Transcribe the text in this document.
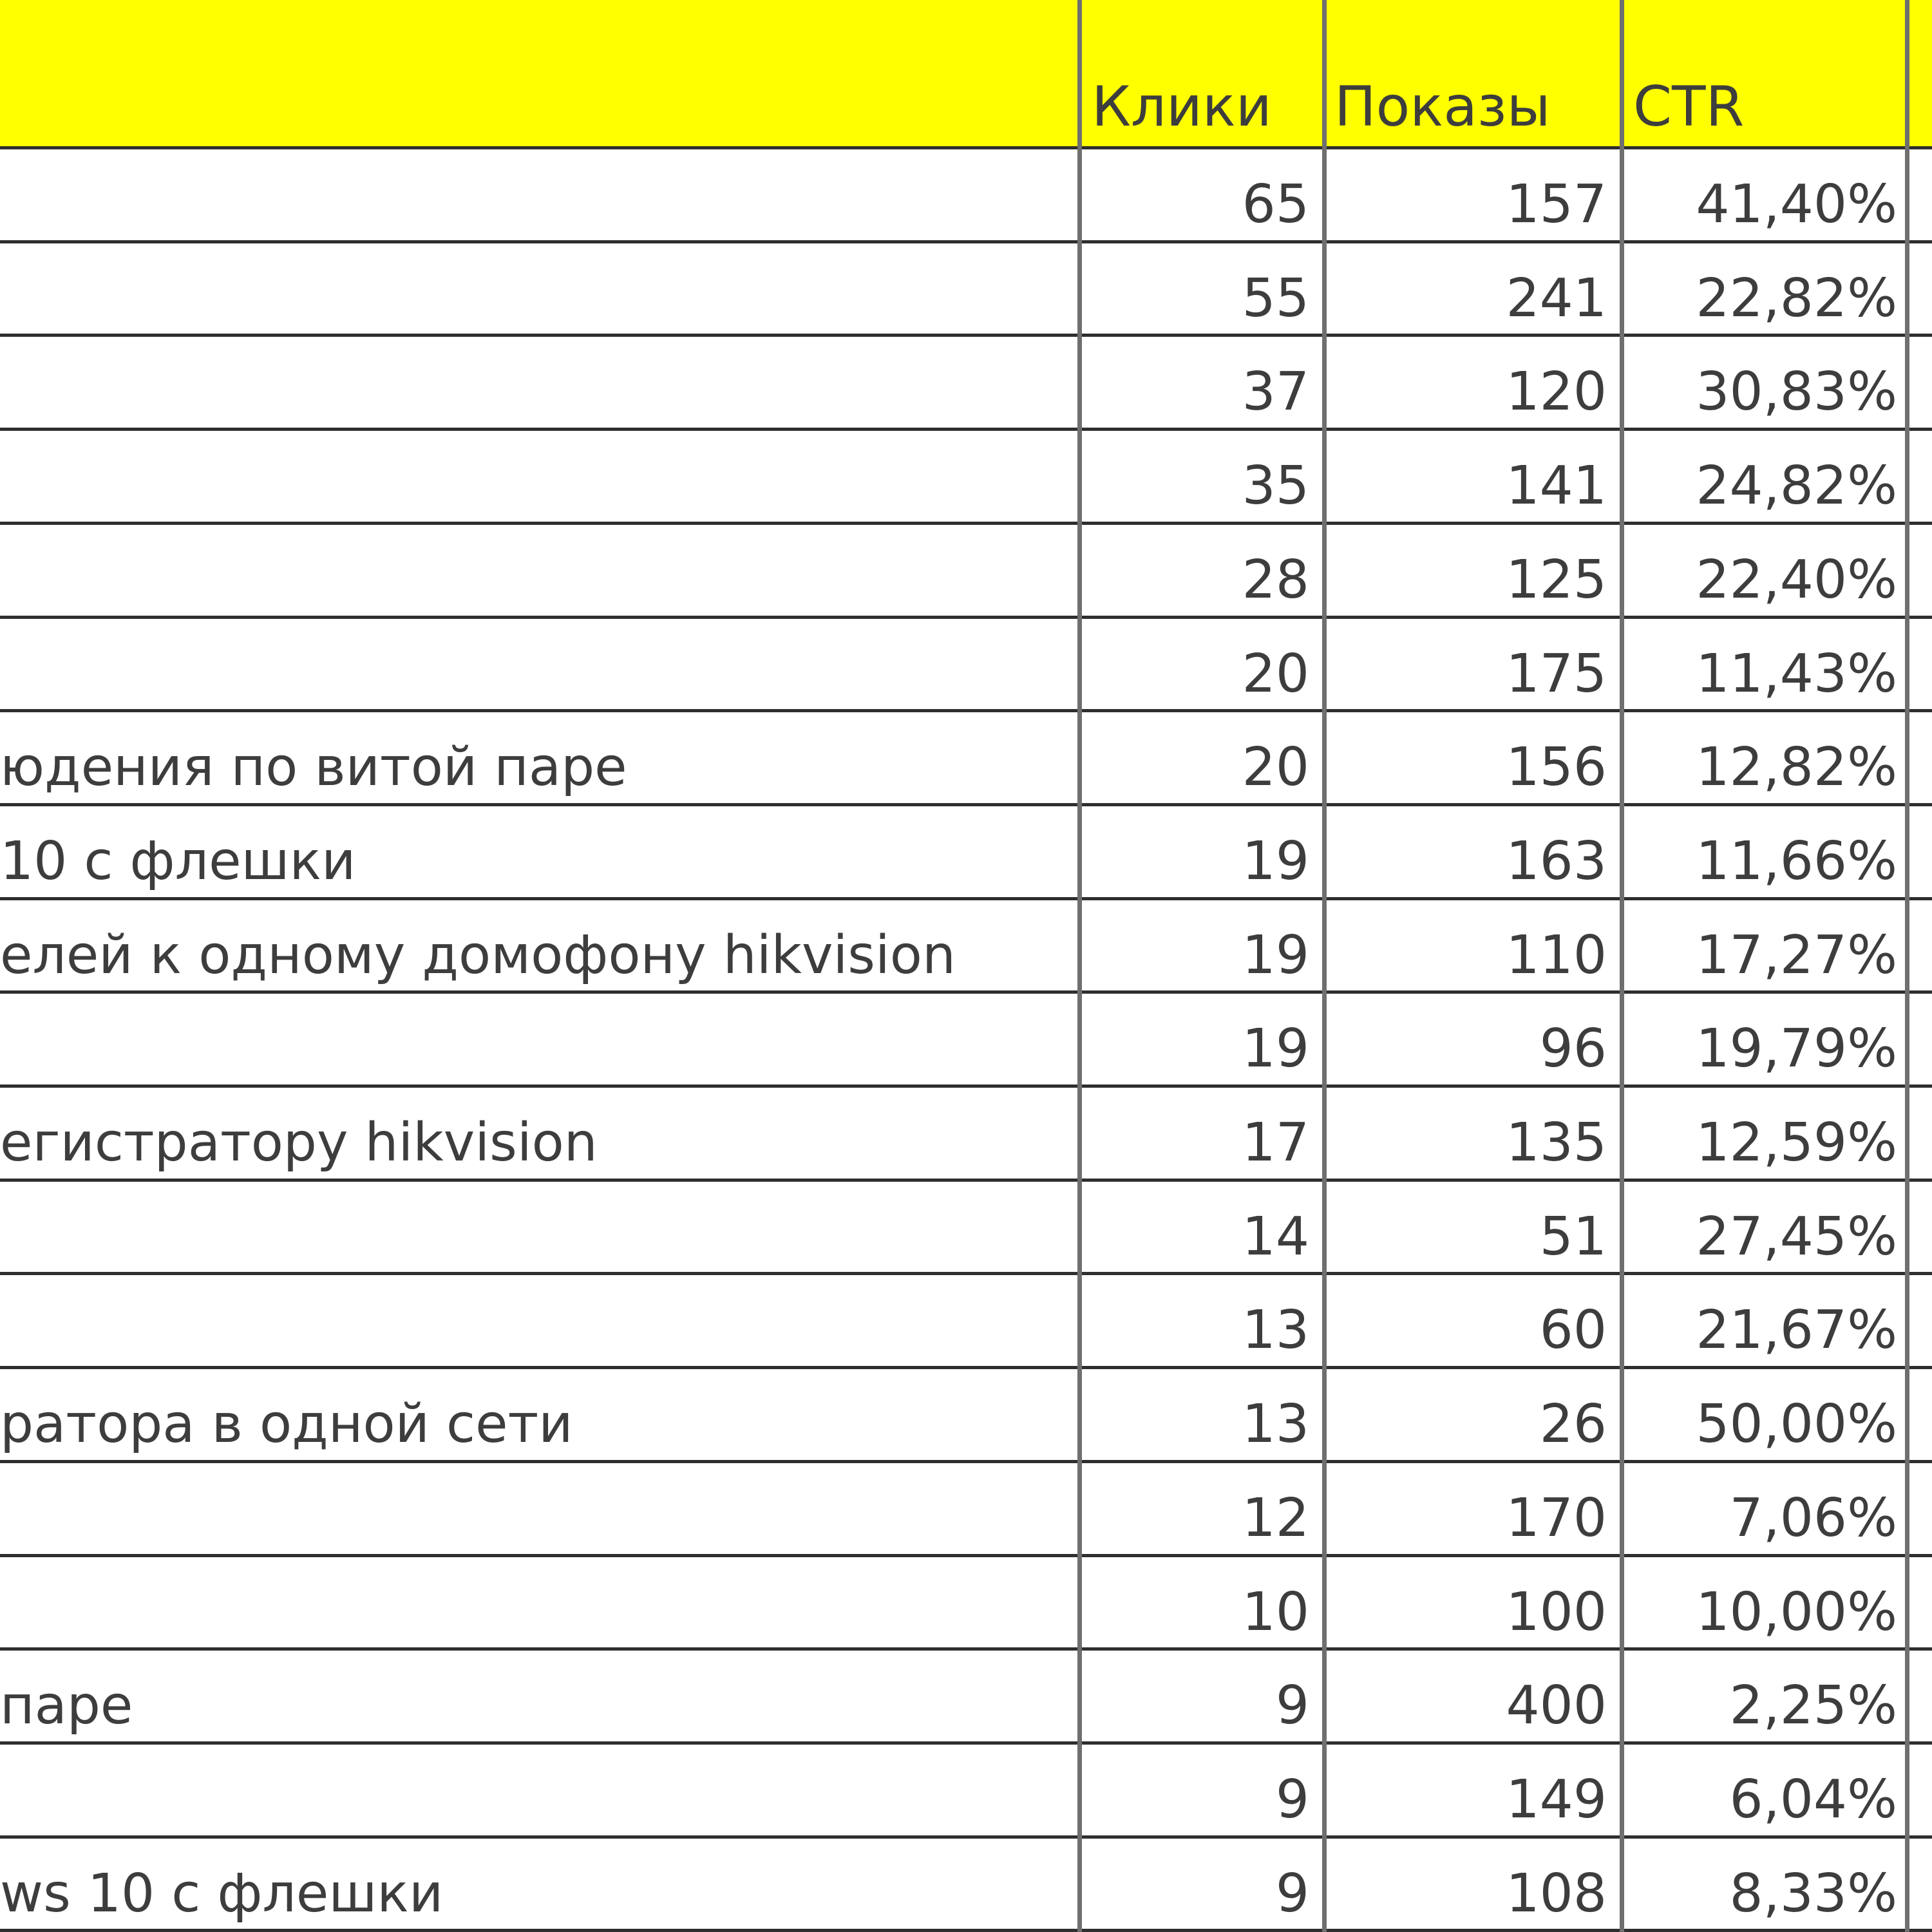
Клики	Показы	CTR
65	157	41,40%
55	241	22,82%
37	120	30,83%
35	141	24,82%
28	125	22,40%
20	175	11,43%
юдения по витой паре	20	156	12,82%
10 с флешки	19	163	11,66%
елей к одному домофону hikvision	19	110	17,27%
19	96	19,79%
егистратору hikvision	17	135	12,59%
14	51	27,45%
13	60	21,67%
ратора в одной сети	13	26	50,00%
12	170	7,06%
10	100	10,00%
паре	9	400	2,25%
9	149	6,04%
ws 10 с флешки	9	108	8,33%
